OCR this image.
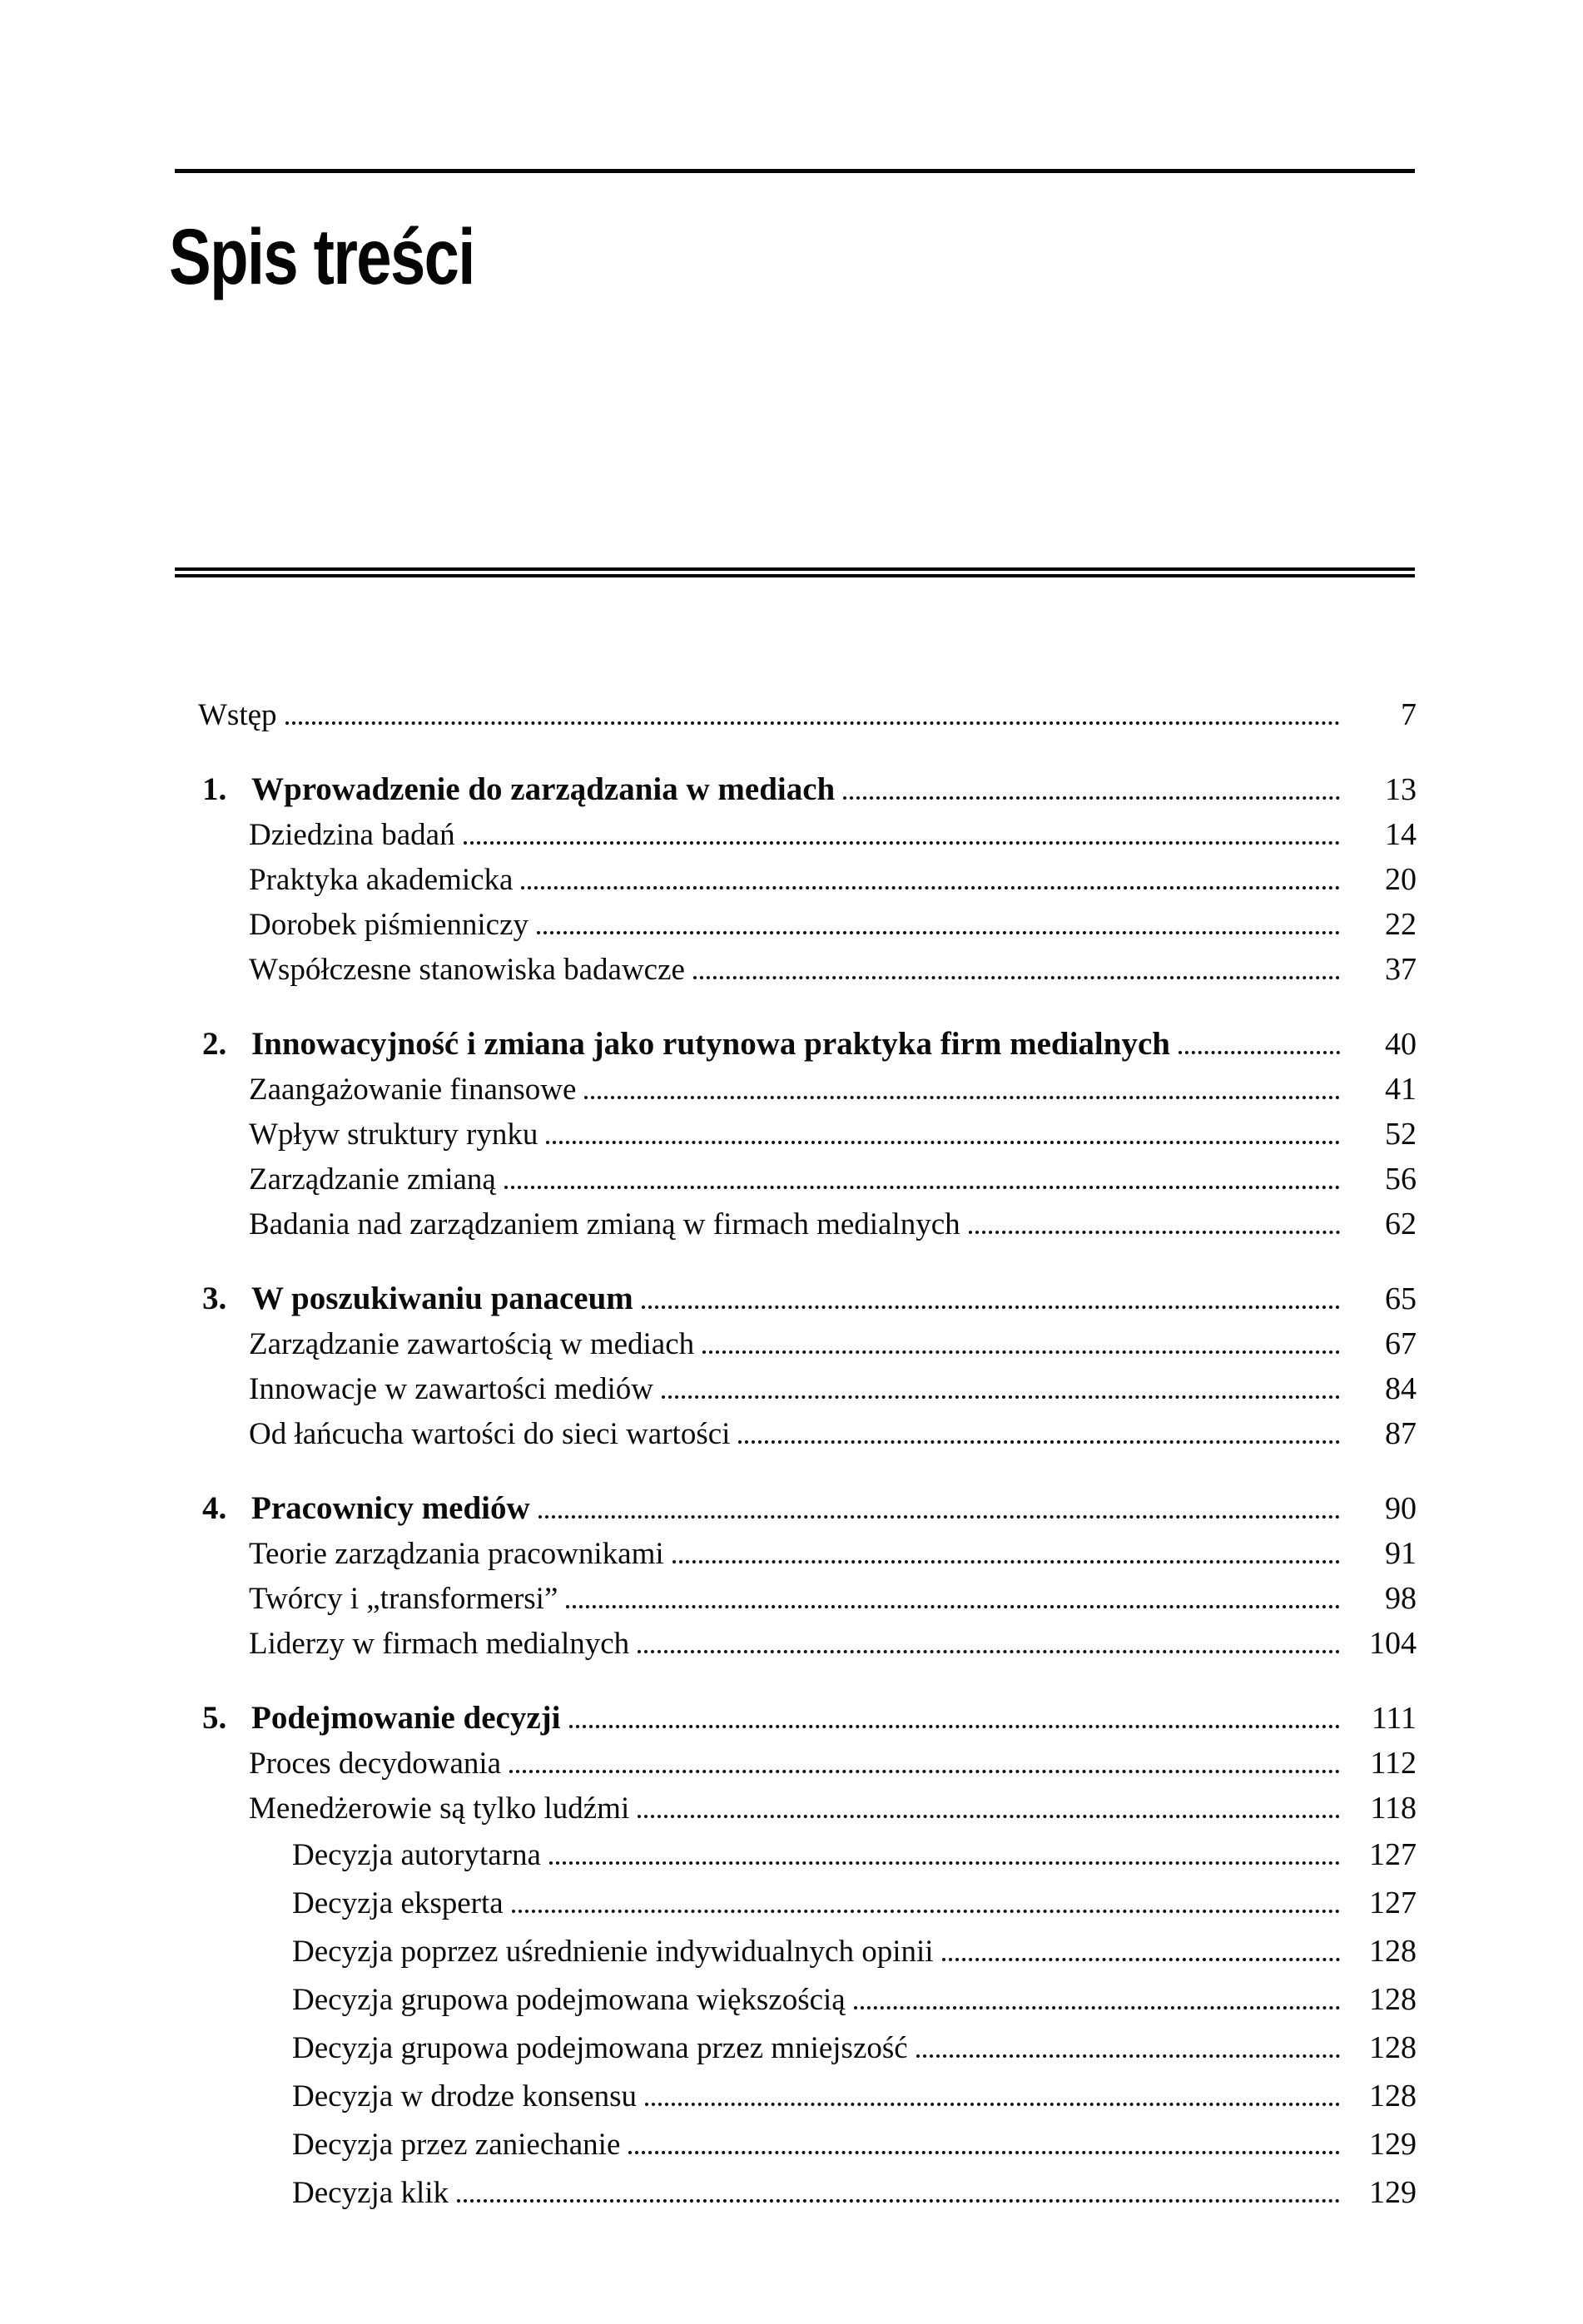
Spis treści
Wstęp	7
1. Wprowadzenie do zarządzania w mediach	13
Dziedzina badań	14
Praktyka akademicka	20
Dorobek piśmienniczy	22
Współczesne stanowiska badawcze	37
2. Innowacyjność i zmiana jako rutynowa praktyka firm medialnych	40
Zaangażowanie finansowe	41
Wpływ struktury rynku	52
Zarządzanie zmianą	56
Badania nad zarządzaniem zmianą w firmach medialnych	62
3. W poszukiwaniu panaceum	65
Zarządzanie zawartością w mediach	67
Innowacje w zawartości mediów	84
Od łańcucha wartości do sieci wartości	87
4. Pracownicy mediów	90
Teorie zarządzania pracownikami	91
Twórcy i „transformersi”	98
Liderzy w firmach medialnych	104
5. Podejmowanie decyzji	111
Proces decydowania	112
Menedżerowie są tylko ludźmi	118
Decyzja autorytarna	127
Decyzja eksperta	127
Decyzja poprzez uśrednienie indywidualnych opinii	128
Decyzja grupowa podejmowana większością	128
Decyzja grupowa podejmowana przez mniejszość	128
Decyzja w drodze konsensu	128
Decyzja przez zaniechanie	129
Decyzja klik	129
